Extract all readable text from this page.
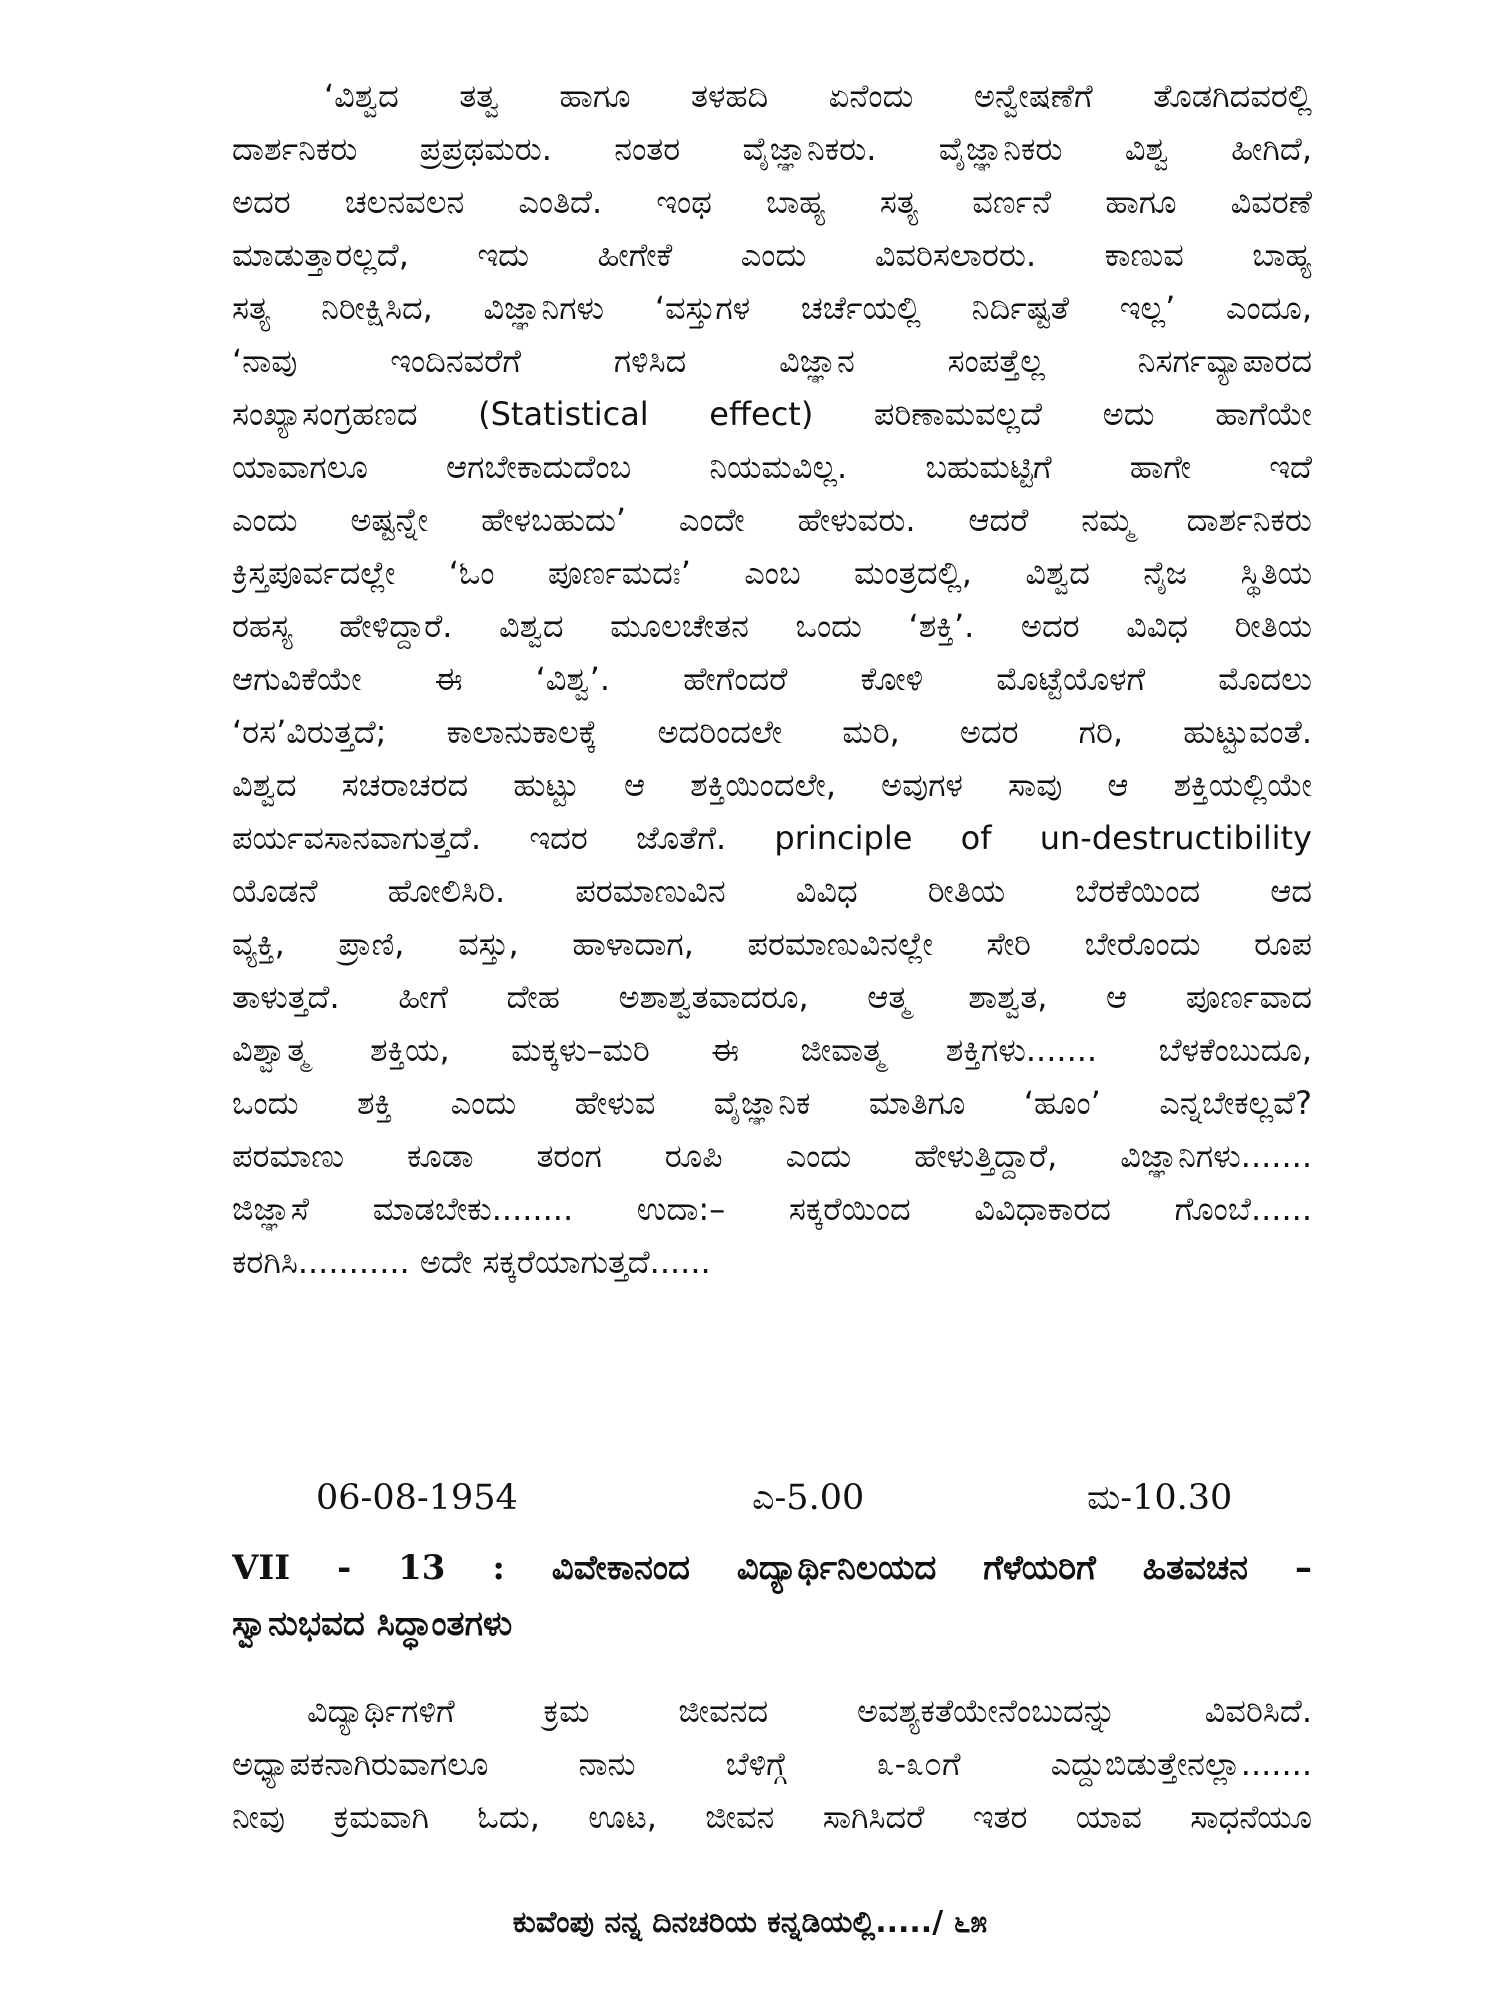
‘ವಿಶ್ವದ ತತ್ವ ಹಾಗೂ ತಳಹದಿ ಏನೆಂದು ಅನ್ವೇಷಣೆಗೆ ತೊಡಗಿದವರಲ್ಲಿ
ದಾರ್ಶನಿಕರು ಪ್ರಪ್ರಥಮರು. ನಂತರ ವೈಜ್ಞಾನಿಕರು. ವೈಜ್ಞಾನಿಕರು ವಿಶ್ವ ಹೀಗಿದೆ,
ಅದರ ಚಲನವಲನ ಎಂತಿದೆ. ಇಂಥ ಬಾಹ್ಯ ಸತ್ಯ ವರ್ಣನೆ ಹಾಗೂ ವಿವರಣೆ
ಮಾಡುತ್ತಾರಲ್ಲದೆ, ಇದು ಹೀಗೇಕೆ ಎಂದು ವಿವರಿಸಲಾರರು. ಕಾಣುವ ಬಾಹ್ಯ
ಸತ್ಯ ನಿರೀಕ್ಷಿಸಿದ, ವಿಜ್ಞಾನಿಗಳು ‘ವಸ್ತುಗಳ ಚರ್ಚೆಯಲ್ಲಿ ನಿರ್ದಿಷ್ಟತೆ ಇಲ್ಲ’ ಎಂದೂ,
‘ನಾವು ಇಂದಿನವರೆಗೆ ಗಳಿಸಿದ ವಿಜ್ಞಾನ ಸಂಪತ್ತೆಲ್ಲ ನಿಸರ್ಗವ್ಯಾಪಾರದ
ಸಂಖ್ಯಾಸಂಗ್ರಹಣದ (Statistical effect) ಪರಿಣಾಮವಲ್ಲದೆ ಅದು ಹಾಗೆಯೇ
ಯಾವಾಗಲೂ ಆಗಬೇಕಾದುದೆಂಬ ನಿಯಮವಿಲ್ಲ. ಬಹುಮಟ್ಟಿಗೆ ಹಾಗೇ ಇದೆ
ಎಂದು ಅಷ್ಟನ್ನೇ ಹೇಳಬಹುದು’ ಎಂದೇ ಹೇಳುವರು. ಆದರೆ ನಮ್ಮ ದಾರ್ಶನಿಕರು
ಕ್ರಿಸ್ತಪೂರ್ವದಲ್ಲೇ ‘ಓಂ ಪೂರ್ಣಮದಃ’ ಎಂಬ ಮಂತ್ರದಲ್ಲಿ, ವಿಶ್ವದ ನೈಜ ಸ್ಥಿತಿಯ
ರಹಸ್ಯ ಹೇಳಿದ್ದಾರೆ. ವಿಶ್ವದ ಮೂಲಚೇತನ ಒಂದು ‘ಶಕ್ತಿ’. ಅದರ ವಿವಿಧ ರೀತಿಯ
ಆಗುವಿಕೆಯೇ ಈ ‘ವಿಶ್ವ’. ಹೇಗೆಂದರೆ ಕೋಳಿ ಮೊಟ್ಟೆಯೊಳಗೆ ಮೊದಲು
‘ರಸ’ವಿರುತ್ತದೆ; ಕಾಲಾನುಕಾಲಕ್ಕೆ ಅದರಿಂದಲೇ ಮರಿ, ಅದರ ಗರಿ, ಹುಟ್ಟುವಂತೆ.
ವಿಶ್ವದ ಸಚರಾಚರದ ಹುಟ್ಟು ಆ ಶಕ್ತಿಯಿಂದಲೇ, ಅವುಗಳ ಸಾವು ಆ ಶಕ್ತಿಯಲ್ಲಿಯೇ
ಪರ್ಯವಸಾನವಾಗುತ್ತದೆ. ಇದರ ಜೊತೆಗೆ. principle of un-destructibility
ಯೊಡನೆ ಹೋಲಿಸಿರಿ. ಪರಮಾಣುವಿನ ವಿವಿಧ ರೀತಿಯ ಬೆರಕೆಯಿಂದ ಆದ
ವ್ಯಕ್ತಿ, ಪ್ರಾಣಿ, ವಸ್ತು, ಹಾಳಾದಾಗ, ಪರಮಾಣುವಿನಲ್ಲೇ ಸೇರಿ ಬೇರೊಂದು ರೂಪ
ತಾಳುತ್ತದೆ. ಹೀಗೆ ದೇಹ ಅಶಾಶ್ವತವಾದರೂ, ಆತ್ಮ ಶಾಶ್ವತ, ಆ ಪೂರ್ಣವಾದ
ವಿಶ್ವಾತ್ಮ ಶಕ್ತಿಯ, ಮಕ್ಕಳು–ಮರಿ ಈ ಜೀವಾತ್ಮ ಶಕ್ತಿಗಳು....... ಬೆಳಕೆಂಬುದೂ,
ಒಂದು ಶಕ್ತಿ ಎಂದು ಹೇಳುವ ವೈಜ್ಞಾನಿಕ ಮಾತಿಗೂ ‘ಹೂಂ’ ಎನ್ನಬೇಕಲ್ಲವೆ?
ಪರಮಾಣು ಕೂಡಾ ತರಂಗ ರೂಪಿ ಎಂದು ಹೇಳುತ್ತಿದ್ದಾರೆ, ವಿಜ್ಞಾನಿಗಳು.......
ಜಿಜ್ಞಾಸೆ ಮಾಡಬೇಕು........ ಉದಾ:– ಸಕ್ಕರೆಯಿಂದ ವಿವಿಧಾಕಾರದ ಗೊಂಬೆ......
ಕರಗಿಸಿ........... ಅದೇ ಸಕ್ಕರೆಯಾಗುತ್ತದೆ......
06-08-1954	ಎ-5.00	ಮ-10.30
VII - 13 : ವಿವೇಕಾನಂದ ವಿದ್ಯಾರ್ಥಿನಿಲಯದ ಗೆಳೆಯರಿಗೆ ಹಿತವಚನ –
ಸ್ವಾನುಭವದ ಸಿದ್ಧಾಂತಗಳು
ವಿದ್ಯಾರ್ಥಿಗಳಿಗೆ ಕ್ರಮ ಜೀವನದ ಅವಶ್ಯಕತೆಯೇನೆಂಬುದನ್ನು ವಿವರಿಸಿದೆ.
ಅಧ್ಯಾಪಕನಾಗಿರುವಾಗಲೂ ನಾನು ಬೆಳಿಗ್ಗೆ ೩-೩೦ಗೆ ಎದ್ದುಬಿಡುತ್ತೇನಲ್ಲಾ.......
ನೀವು ಕ್ರಮವಾಗಿ ಓದು, ಊಟ, ಜೀವನ ಸಾಗಿಸಿದರೆ ಇತರ ಯಾವ ಸಾಧನೆಯೂ
ಕುವೆಂಪು ನನ್ನ ದಿನಚರಿಯ ಕನ್ನಡಿಯಲ್ಲಿ...../ ೬೫
